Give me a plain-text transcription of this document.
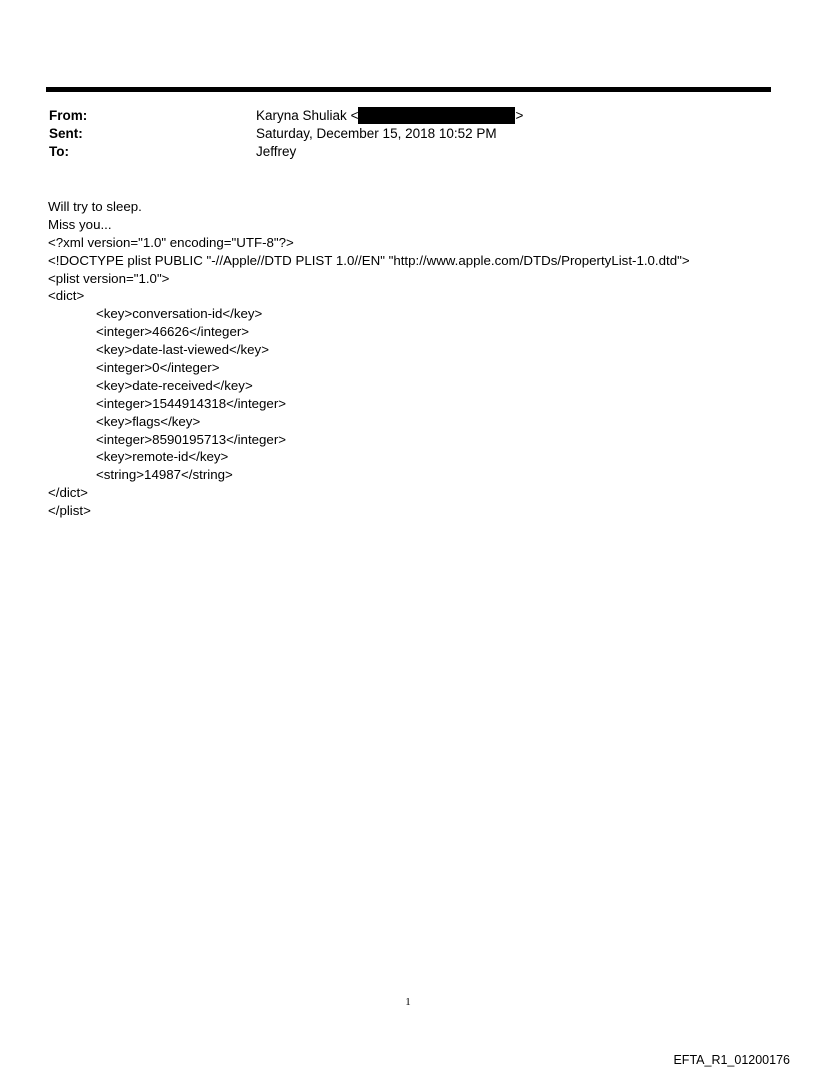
From:	Karyna Shuliak <	>
Sent:	Saturday, December 15, 2018 10:52 PM
To:	Jeffrey
Will try to sleep.
Miss you...
<?xml version="1.0" encoding="UTF-8"?>
<!DOCTYPE plist PUBLIC "-//Apple//DTD PLIST 1.0//EN" "http://www.apple.com/DTDs/PropertyList-1.0.dtd">
<plist version="1.0">
<dict>
<key>conversation-id</key>
<integer>46626</integer>
<key>date-last-viewed</key>
<integer>0</integer>
<key>date-received</key>
<integer>1544914318</integer>
<key>flags</key>
<integer>8590195713</integer>
<key>remote-id</key>
<string>14987</string>
</dict>
</plist>
1
EFTA_R1_01200176
